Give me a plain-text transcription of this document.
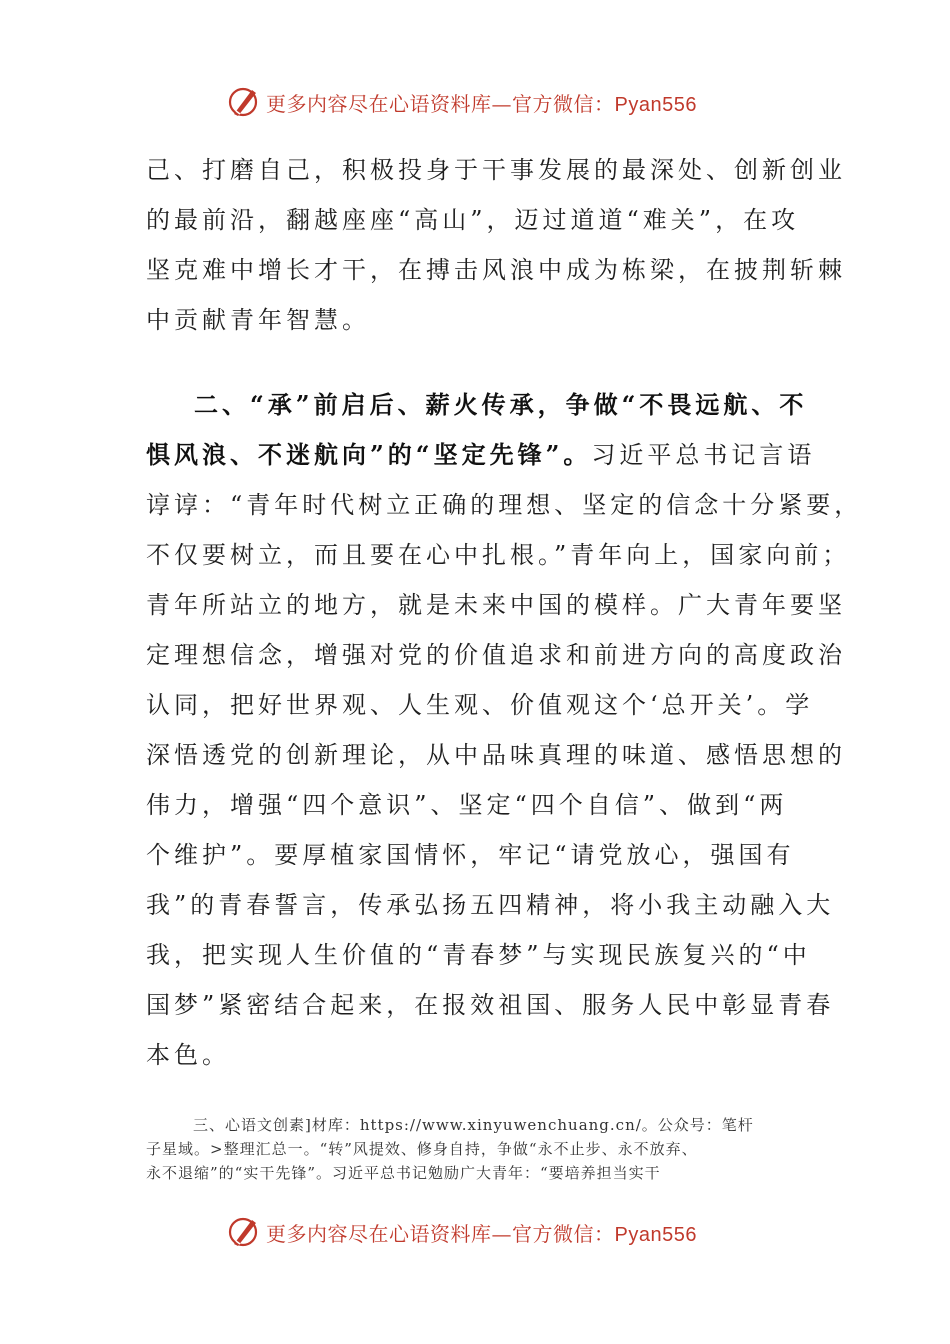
更多内容尽在心语资料库—官方微信：Pyan556
己、打磨自己，积极投身于干事发展的最深处、创新创业
的最前沿，翻越座座“高山”，迈过道道“难关”，在攻
坚克难中增长才干，在搏击风浪中成为栋梁，在披荆斩棘
中贡献青年智慧。
二、“承”前启后、薪火传承，争做“不畏远航、不
惧风浪、不迷航向”的“坚定先锋”。习近平总书记言语
谆谆：“青年时代树立正确的理想、坚定的信念十分紧要，
不仅要树立，而且要在心中扎根。”青年向上，国家向前；
青年所站立的地方，就是未来中国的模样。广大青年要坚
定理想信念，增强对党的价值追求和前进方向的高度政治
认同，把好世界观、人生观、价值观这个‘总开关’。学
深悟透党的创新理论，从中品味真理的味道、感悟思想的
伟力，增强“四个意识”、坚定“四个自信”、做到“两
个维护”。要厚植家国情怀，牢记“请党放心，强国有
我”的青春誓言，传承弘扬五四精神，将小我主动融入大
我，把实现人生价值的“青春梦”与实现民族复兴的“中
国梦”紧密结合起来，在报效祖国、服务人民中彰显青春
本色。
三、心语文创素]材库：https://www.xinyuwenchuang.cn/。公众号：笔杆
子星域。>整理汇总一。“转”风提效、修身自持，争做“永不止步、永不放弃、
永不退缩”的“实干先锋”。习近平总书记勉励广大青年：“要培养担当实干
更多内容尽在心语资料库—官方微信：Pyan556
